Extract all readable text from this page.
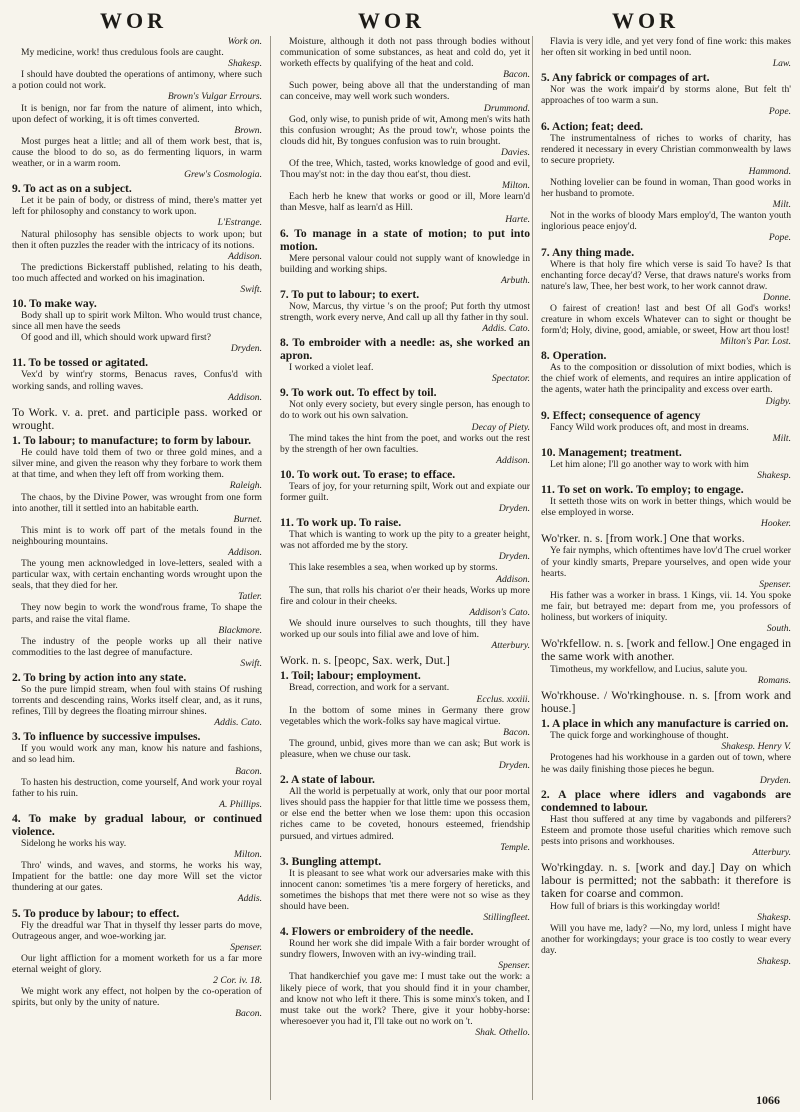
WOR	WOR	WOR

Work on.

My medicine, work! thus credulous fools are caught.

Shakesp.

I should have doubted the operations of antimony, where such a potion could not work.

Brown's Vulgar Errours.

It is benign, nor far from the nature of aliment, into which, upon defect of working, it is oft times converted.

Brown.

Most purges heat a little; and all of them work best, that is, cause the blood to do so, as do fermenting liquors, in warm weather, or in a warm room.

Grew's Cosmologia.

9. To act as on a subject.

Let it be pain of body, or distress of mind, there's matter yet left for philosophy and constancy to work upon.

L'Estrange.

Natural philosophy has sensible objects to work upon; but then it often puzzles the reader with the intricacy of its notions.

Addison.

The predictions Bickerstaff published, relating to his death, too much affected and worked on his imagination.

Swift.

10. To make way.

Body shall up to spirit work Milton. Who would trust chance, since all men have the seeds

Of good and ill, which should work upward first?

Dryden.

11. To be tossed or agitated.

Vex'd by wint'ry storms, Benacus raves, Confus'd with working sands, and rolling waves.

Addison.

To Work. v. a. pret. and participle pass. worked or wrought.
1. To labour; to manufacture; to form by labour.

He could have told them of two or three gold mines, and a silver mine, and given the reason why they forbare to work them at that time, and when they left off from working them.

Raleigh.

The chaos, by the Divine Power, was wrought from one form into another, till it settled into an habitable earth.

Burnet.

This mint is to work off part of the metals found in the neighbouring mountains.

Addison.

The young men acknowledged in love-letters, sealed with a particular wax, with certain enchanting words wrought upon the seals, that they died for her.

Tatler.

They now begin to work the wond'rous frame, To shape the parts, and raise the vital flame.

Blackmore.

The industry of the people works up all their native commodities to the last degree of manufacture.

Swift.

2. To bring by action into any state.

So the pure limpid stream, when foul with stains Of rushing torrents and descending rains, Works itself clear, and, as it runs, refines, Till by degrees the floating mirrour shines.

Addis. Cato.

3. To influence by successive impulses.

If you would work any man, know his nature and fashions, and so lead him.

Bacon.

To hasten his destruction, come yourself, And work your royal father to his ruin.

A. Phillips.

4. To make by gradual labour, or continued violence.

Sidelong he works his way.

Milton.

Thro' winds, and waves, and storms, he works his way, Impatient for the battle: one day more Will set the victor thundering at our gates.

Addis.

5. To produce by labour; to effect.

Fly the dreadful war That in thyself thy lesser parts do move, Outrageous anger, and woe-working jar.

Spenser.

Our light affliction for a moment worketh for us a far more eternal weight of glory.

2 Cor. iv. 18.

We might work any effect, not holpen by the co-operation of spirits, but only by the unity of nature.

Bacon.

Moisture, although it doth not pass through bodies without communication of some substances, as heat and cold do, yet it worketh effects by qualifying of the heat and cold.

Bacon.

Such power, being above all that the understanding of man can conceive, may well work such wonders.

Drummond.

God, only wise, to punish pride of wit, Among men's wits hath this confusion wrought; As the proud tow'r, whose points the clouds did hit, By tongues confusion was to ruin brought.

Davies.

Of the tree, Which, tasted, works knowledge of good and evil, Thou may'st not: in the day thou eat'st, thou diest.

Milton.

Each herb he knew that works or good or ill, More learn'd than Mesve, half as learn'd as Hill.

Harte.

6. To manage in a state of motion; to put into motion.

Mere personal valour could not supply want of knowledge in building and working ships.

Arbuth.

7. To put to labour; to exert.

Now, Marcus, thy virtue 's on the proof; Put forth thy utmost strength, work every nerve, And call up all thy father in thy soul.

Addis. Cato.

8. To embroider with a needle: as, she worked an apron.

I worked a violet leaf.

Spectator.

9. To work out. To effect by toil.

Not only every society, but every single person, has enough to do to work out his own salvation.

Decay of Piety.

The mind takes the hint from the poet, and works out the rest by the strength of her own faculties.

Addison.

10. To work out. To erase; to efface.

Tears of joy, for your returning spilt, Work out and expiate our former guilt.

Dryden.

11. To work up. To raise.

That which is wanting to work up the pity to a greater height, was not afforded me by the story.

Dryden.

This lake resembles a sea, when worked up by storms.

Addison.

The sun, that rolls his chariot o'er their heads, Works up more fire and colour in their cheeks.

Addison's Cato.

We should inure ourselves to such thoughts, till they have worked up our souls into filial awe and love of him.

Atterbury.

Work. n. s. [peopc, Sax. werk, Dut.]
1. Toil; labour; employment.

Bread, correction, and work for a servant.

Ecclus. xxxiii.

In the bottom of some mines in Germany there grow vegetables which the work-folks say have magical virtue.

Bacon.

The ground, unbid, gives more than we can ask; But work is pleasure, when we chuse our task.

Dryden.

2. A state of labour.

All the world is perpetually at work, only that our poor mortal lives should pass the happier for that little time we possess them, or else end the better when we lose them: upon this occasion riches came to be coveted, honours esteemed, friendship pursued, and virtues admired.

Temple.

3. Bungling attempt.

It is pleasant to see what work our adversaries make with this innocent canon: sometimes 'tis a mere forgery of hereticks, and sometimes the bishops that met there were not so wise as they should have been.

Stillingfleet.

4. Flowers or embroidery of the needle.

Round her work she did impale With a fair border wrought of sundry flowers, Inwoven with an ivy-winding trail.

Spenser.

That handkerchief you gave me: I must take out the work: a likely piece of work, that you should find it in your chamber, and know not who left it there. This is some minx's token, and I must take out the work? There, give it your hobby-horse: wheresoever you had it, I'll take out no work on 't.

Shak. Othello.

Flavia is very idle, and yet very fond of fine work: this makes her often sit working in bed until noon.

Law.

5. Any fabrick or compages of art.

Nor was the work impair'd by storms alone, But felt th' approaches of too warm a sun.

Pope.

6. Action; feat; deed.

The instrumentalness of riches to works of charity, has rendered it necessary in every Christian commonwealth by laws to secure propriety.

Hammond.

Nothing lovelier can be found in woman, Than good works in her husband to promote.

Milt.

Not in the works of bloody Mars employ'd, The wanton youth inglorious peace enjoy'd.

Pope.

7. Any thing made.

Where is that holy fire which verse is said To have? Is that enchanting force decay'd? Verse, that draws nature's works from nature's law, Thee, her best work, to her work cannot draw.

Donne.

O fairest of creation! last and best Of all God's works! creature in whom excels Whatever can to sight or thought be form'd; Holy, divine, good, amiable, or sweet, How art thou lost!

Milton's Par. Lost.

8. Operation.

As to the composition or dissolution of mixt bodies, which is the chief work of elements, and requires an intire application of the agents, water hath the principality and excess over earth.

Digby.

9. Effect; consequence of agency

Fancy Wild work produces oft, and most in dreams.

Milt.

10. Management; treatment.

Let him alone; I'll go another way to work with him

Shakesp.

11. To set on work. To employ; to engage.

It setteth those wits on work in better things, which would be else employed in worse.

Hooker.

Wo'rker. n. s. [from work.] One that works.

Ye fair nymphs, which oftentimes have lov'd The cruel worker of your kindly smarts, Prepare yourselves, and open wide your hearts.

Spenser.

His father was a worker in brass. 1 Kings, vii. 14. You spoke me fair, but betrayed me: depart from me, you professors of holiness, but workers of iniquity.

South.

Wo'rkfellow. n. s. [work and fellow.] One engaged in the same work with another.

Timotheus, my workfellow, and Lucius, salute you.

Romans.

Wo'rkhouse. / Wo'rkinghouse. n. s. [from work and house.]
1. A place in which any manufacture is carried on.

The quick forge and workinghouse of thought.

Shakesp. Henry V.

Protogenes had his workhouse in a garden out of town, where he was daily finishing those pieces he begun.

Dryden.

2. A place where idlers and vagabonds are condemned to labour.

Hast thou suffered at any time by vagabonds and pilferers? Esteem and promote those useful charities which remove such pests into prisons and workhouses.

Atterbury.

Wo'rkingday. n. s. [work and day.] Day on which labour is permitted; not the sabbath: it therefore is taken for coarse and common.

How full of briars is this workingday world!

Shakesp.

Will you have me, lady? —No, my lord, unless I might have another for workingdays; your grace is too costly to wear every day.

Shakesp.

1066
